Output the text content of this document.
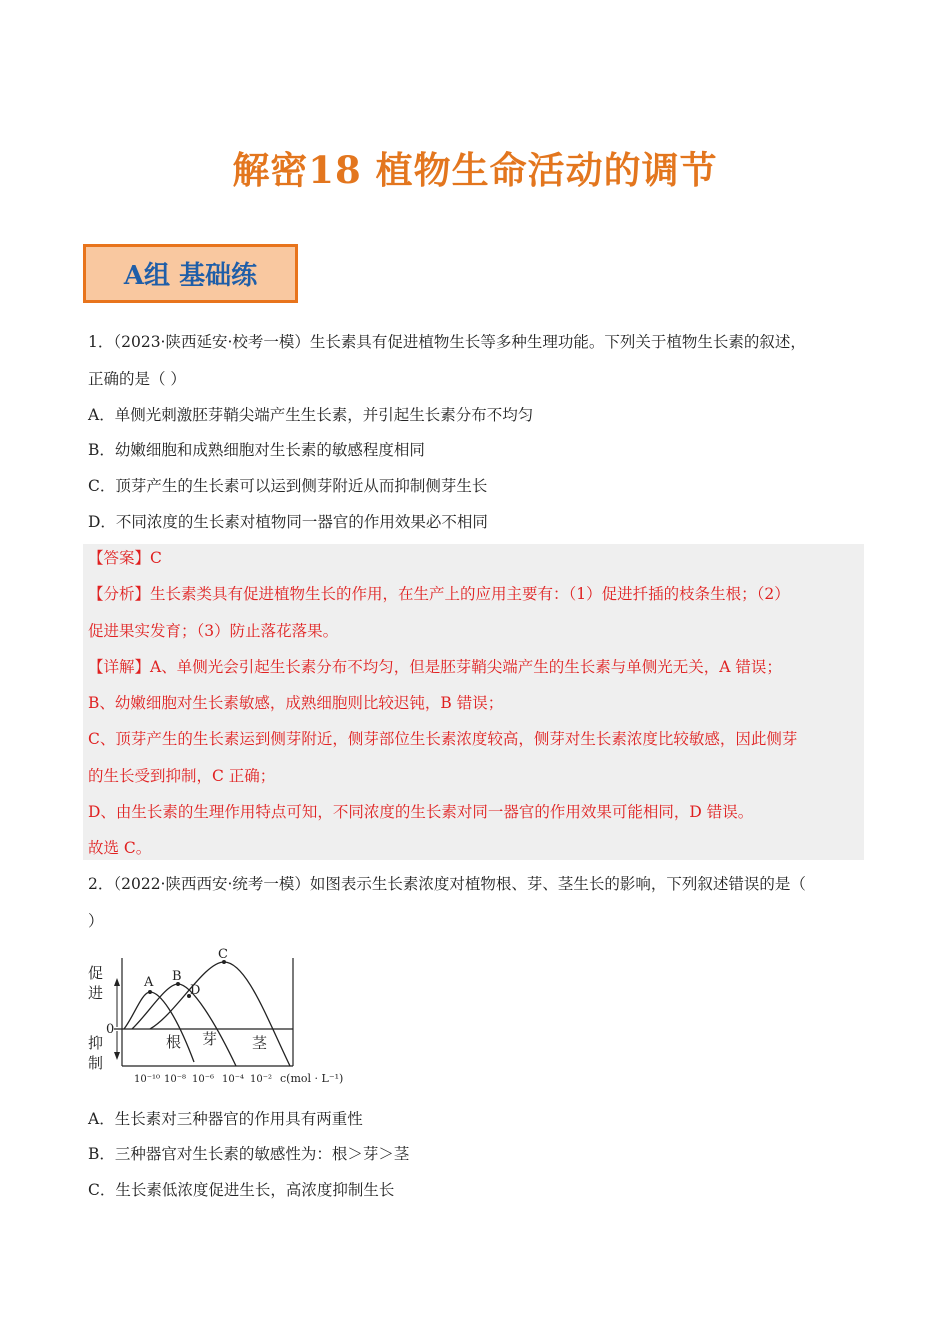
解密18 植物生命活动的调节
A组 基础练
1．（2023·陕西延安·校考一模）生长素具有促进植物生长等多种生理功能。下列关于植物生长素的叙述，
正确的是（ ）
A．单侧光刺激胚芽鞘尖端产生生长素，并引起生长素分布不均匀
B．幼嫩细胞和成熟细胞对生长素的敏感程度相同
C．顶芽产生的生长素可以运到侧芽附近从而抑制侧芽生长
D．不同浓度的生长素对植物同一器官的作用效果必不相同
【答案】C
【分析】生长素类具有促进植物生长的作用，在生产上的应用主要有：（1）促进扦插的枝条生根；（2）
促进果实发育；（3）防止落花落果。
【详解】A、单侧光会引起生长素分布不均匀，但是胚芽鞘尖端产生的生长素与单侧光无关，A 错误；
B、幼嫩细胞对生长素敏感，成熟细胞则比较迟钝，B 错误；
C、顶芽产生的生长素运到侧芽附近，侧芽部位生长素浓度较高，侧芽对生长素浓度比较敏感，因此侧芽
的生长受到抑制，C 正确；
D、由生长素的生理作用特点可知，不同浓度的生长素对同一器官的作用效果可能相同，D 错误。
故选 C。
2．（2022·陕西西安·统考一模）如图表示生长素浓度对植物根、芽、茎生长的影响，下列叙述错误的是（
）
促
进
抑
制
0
A B
C
D
根 芽 茎
10⁻¹⁰ 10⁻⁸ 10⁻⁶ 10⁻⁴ 10⁻² c(mol · L⁻¹)
A．生长素对三种器官的作用具有两重性
B．三种器官对生长素的敏感性为：根＞芽＞茎
C．生长素低浓度促进生长，高浓度抑制生长
